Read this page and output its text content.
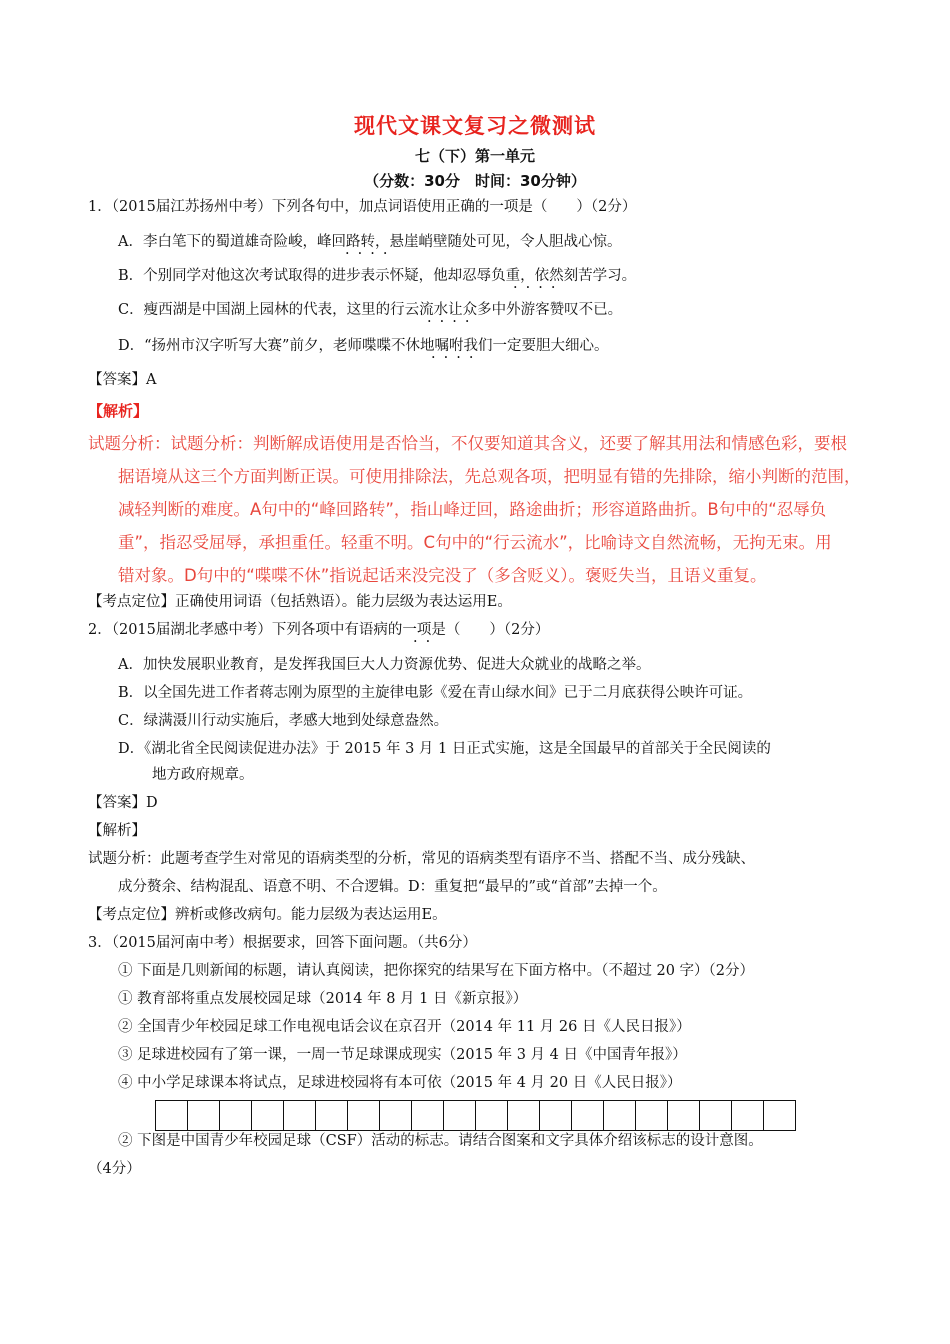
现代文课文复习之微测试
七（下）第一单元
（分数：30分　时间：30分钟）
1．（2015届江苏扬州中考）下列各句中，加点词语使用正确的一项是（　　）（2分）
A．李白笔下的蜀道雄奇险峻，峰回路转，悬崖峭壁随处可见，令人胆战心惊。
····
B．个别同学对他这次考试取得的进步表示怀疑，他却忍辱负重，依然刻苦学习。
····
C．瘦西湖是中国湖上园林的代表，这里的行云流水让众多中外游客赞叹不已。
····
D．“扬州市汉字听写大赛”前夕，老师喋喋不休地嘱咐我们一定要胆大细心。
····
【答案】A
【解析】
试题分析：试题分析：判断解成语使用是否恰当，不仅要知道其含义，还要了解其用法和情感色彩，要根
据语境从这三个方面判断正误。可使用排除法，先总观各项，把明显有错的先排除，缩小判断的范围，
减轻判断的难度。A句中的“峰回路转”，指山峰迂回，路途曲折；形容道路曲折。B句中的“忍辱负
重”，指忍受屈辱，承担重任。轻重不明。C句中的“行云流水”，比喻诗文自然流畅，无拘无束。用
错对象。D句中的“喋喋不休”指说起话来没完没了（多含贬义）。褒贬失当，且语义重复。
【考点定位】正确使用词语（包括熟语）。能力层级为表达运用E。
2．（2015届湖北孝感中考）下列各项中有语病的一项是（　　）（2分）
··
A．加快发展职业教育，是发挥我国巨大人力资源优势、促进大众就业的战略之举。
B．以全国先进工作者蒋志刚为原型的主旋律电影《爱在青山绿水间》已于二月底获得公映许可证。
C．绿满滠川行动实施后，孝感大地到处绿意盎然。
D．《湖北省全民阅读促进办法》于 2015 年 3 月 1 日正式实施，这是全国最早的首部关于全民阅读的
地方政府规章。
【答案】D
【解析】
试题分析：此题考查学生对常见的语病类型的分析，常见的语病类型有语序不当、搭配不当、成分残缺、
成分赘余、结构混乱、语意不明、不合逻辑。D：重复把“最早的”或“首部”去掉一个。
【考点定位】辨析或修改病句。能力层级为表达运用E。
3．（2015届河南中考）根据要求，回答下面问题。（共6分）
① 下面是几则新闻的标题，请认真阅读，把你探究的结果写在下面方格中。（不超过 20 字）（2分）
① 教育部将重点发展校园足球（2014 年 8 月 1 日《新京报》）
② 全国青少年校园足球工作电视电话会议在京召开（2014 年 11 月 26 日《人民日报》）
③ 足球进校园有了第一课，一周一节足球课成现实（2015 年 3 月 4 日《中国青年报》）
④ 中小学足球课本将试点，足球进校园将有本可依（2015 年 4 月 20 日《人民日报》）
② 下图是中国青少年校园足球（CSF）活动的标志。请结合图案和文字具体介绍该标志的设计意图。
（4分）
